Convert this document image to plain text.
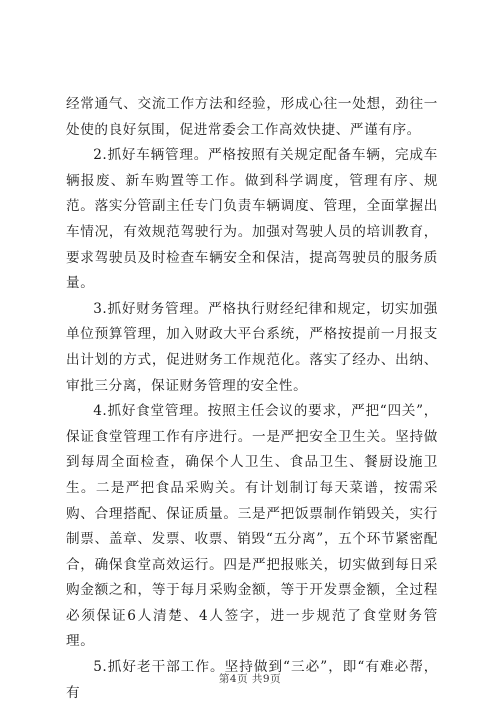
经常通气、交流工作方法和经验，形成心往一处想，劲往一处使的良好氛围，促进常委会工作高效快捷、严谨有序。

2.抓好车辆管理。严格按照有关规定配备车辆，完成车辆报废、新车购置等工作。做到科学调度，管理有序、规范。落实分管副主任专门负责车辆调度、管理，全面掌握出车情况，有效规范驾驶行为。加强对驾驶人员的培训教育，要求驾驶员及时检查车辆安全和保洁，提高驾驶员的服务质量。

3.抓好财务管理。严格执行财经纪律和规定，切实加强单位预算管理，加入财政大平台系统，严格按提前一月报支出计划的方式，促进财务工作规范化。落实了经办、出纳、审批三分离，保证财务管理的安全性。

4.抓好食堂管理。按照主任会议的要求，严把“四关”，保证食堂管理工作有序进行。一是严把安全卫生关。坚持做到每周全面检查，确保个人卫生、食品卫生、餐厨设施卫生。二是严把食品采购关。有计划制订每天菜谱，按需采购、合理搭配、保证质量。三是严把饭票制作销毁关，实行制票、盖章、发票、收票、销毁“五分离”，五个环节紧密配合，确保食堂高效运行。四是严把报账关，切实做到每日采购金额之和，等于每月采购金额，等于开发票金额，全过程必须保证6人清楚、4人签字，进一步规范了食堂财务管理。

5.抓好老干部工作。坚持做到“三必”，即“有难必帮，有

第4页 共9页
